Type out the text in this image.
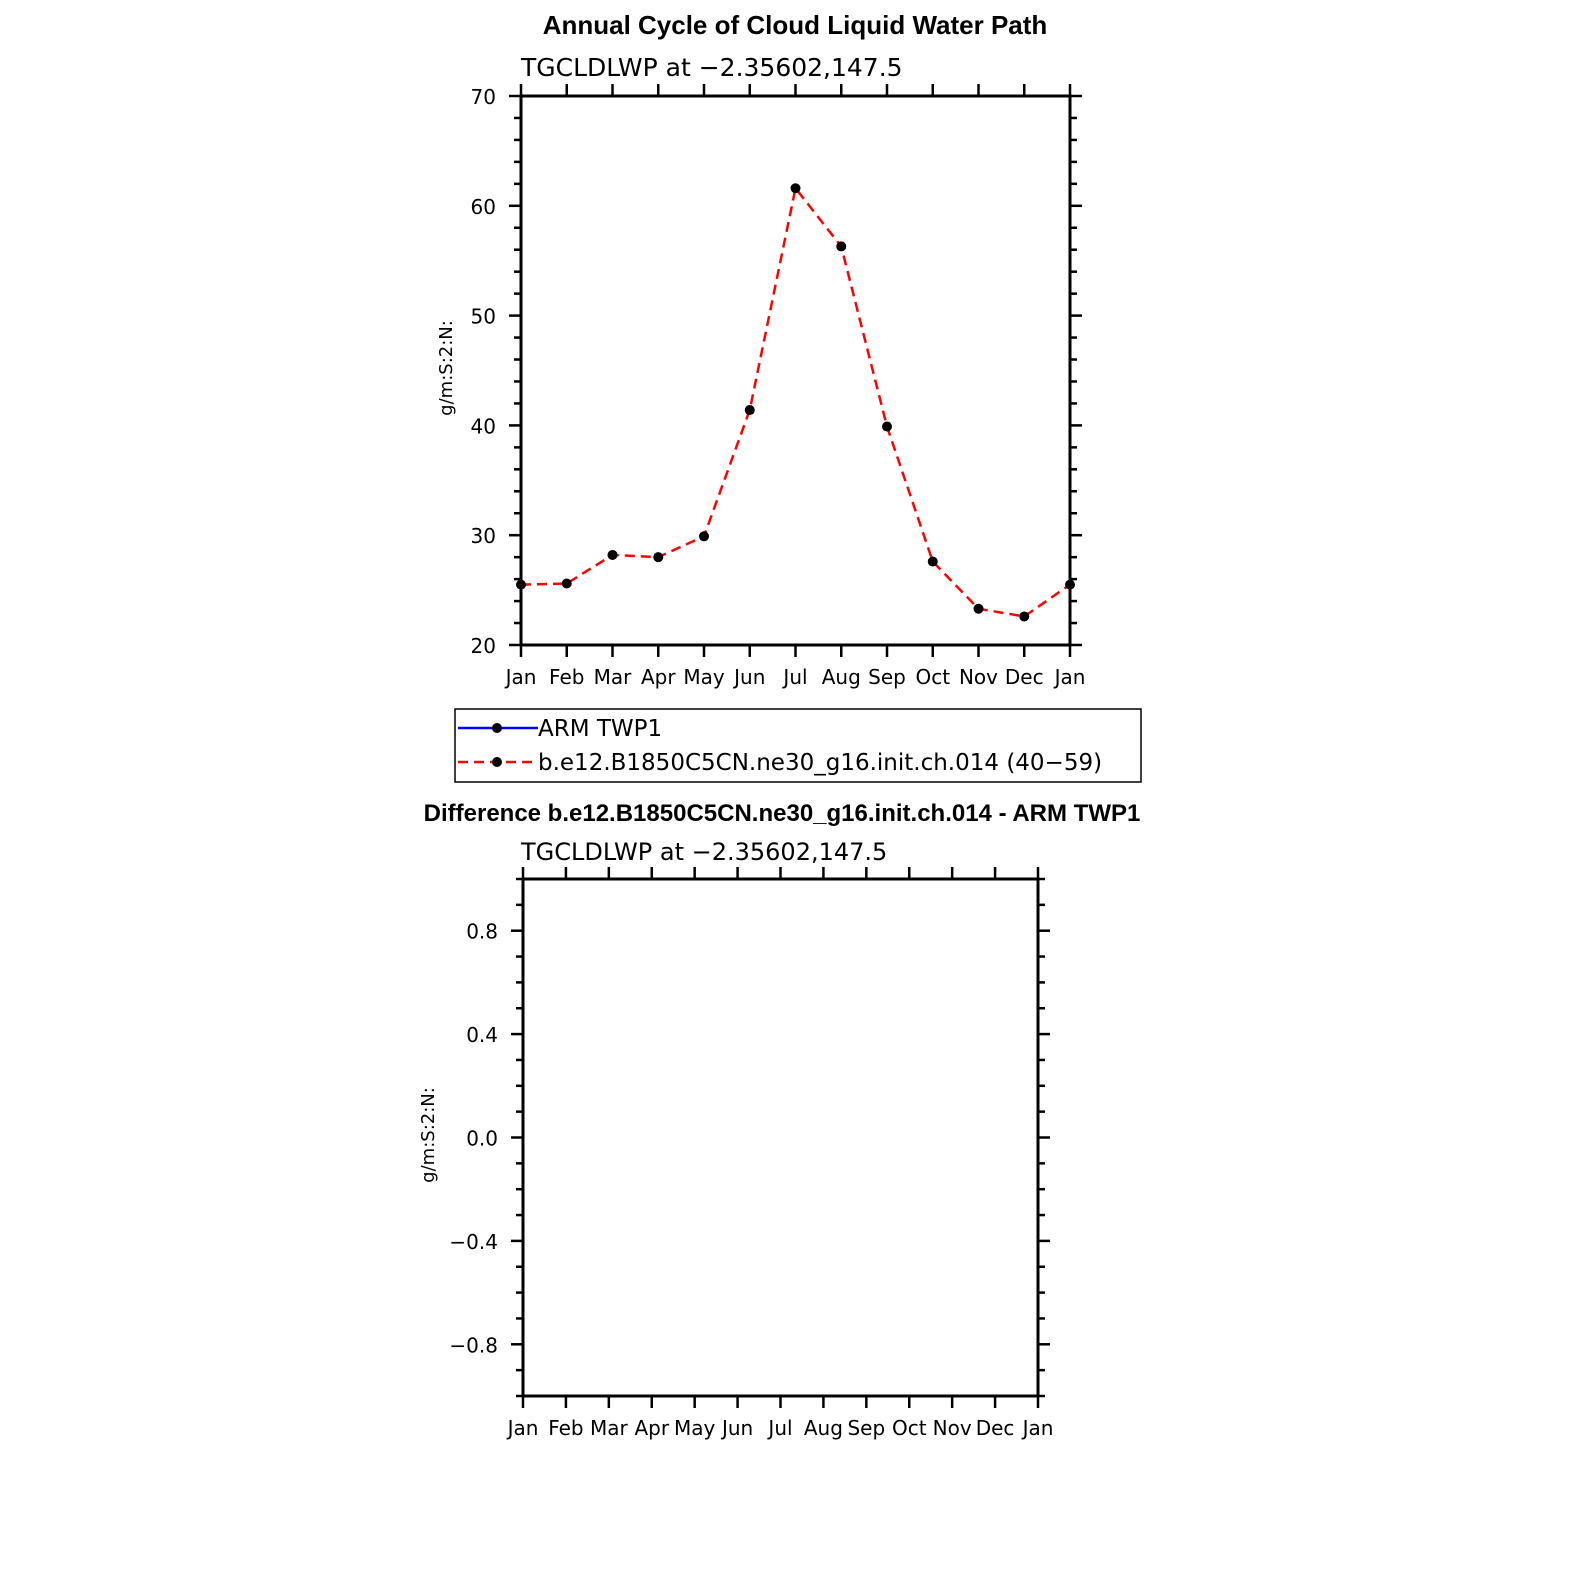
Annual Cycle of Cloud Liquid Water Path
TGCLDLWP at −2.35602,147.5
g/m:S:2:N:
20
30
40
50
60
70
Jan Feb Mar Apr May Jun Jul Aug Sep Oct Nov Dec Jan
ARM TWP1
b.e12.B1850C5CN.ne30_g16.init.ch.014 (40−59)
Difference b.e12.B1850C5CN.ne30_g16.init.ch.014 - ARM TWP1
TGCLDLWP at −2.35602,147.5
g/m:S:2:N:
−0.8
−0.4
0.0
0.4
0.8
Jan Feb Mar Apr May Jun Jul Aug Sep Oct Nov Dec Jan
